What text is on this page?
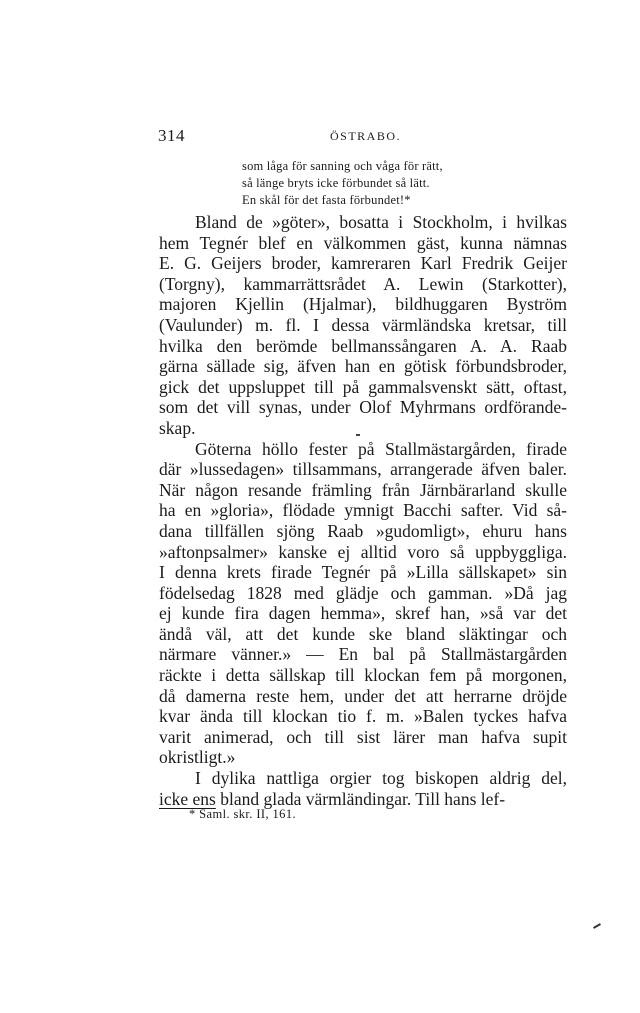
314	ÖSTRABO.
som låga för sanning och våga för rätt,
så länge bryts icke förbundet så lätt.
En skål för det fasta förbundet!*
Bland de »göter», bosatta i Stockholm, i hvilkas
hem Tegnér blef en välkommen gäst, kunna nämnas
E. G. Geijers broder, kamreraren Karl Fredrik Geijer
(Torgny), kammarrättsrådet A. Lewin (Starkotter),
majoren Kjellin (Hjalmar), bildhuggaren Byström
(Vaulunder) m. fl. I dessa värmländska kretsar, till
hvilka den berömde bellmanssångaren A. A. Raab
gärna sällade sig, äfven han en götisk förbundsbroder,
gick det uppsluppet till på gammalsvenskt sätt, oftast,
som det vill synas, under Olof Myhrmans ordförande-
skap.
Göterna höllo fester på Stallmästargården, firade
där »lussedagen» tillsammans, arrangerade äfven baler.
När någon resande främling från Järnbärarland skulle
ha en »gloria», flödade ymnigt Bacchi safter. Vid så-
dana tillfällen sjöng Raab »gudomligt», ehuru hans
»aftonpsalmer» kanske ej alltid voro så uppbyggliga.
I denna krets firade Tegnér på »Lilla sällskapet» sin
födelsedag 1828 med glädje och gamman. »Då jag
ej kunde fira dagen hemma», skref han, »så var det
ändå väl, att det kunde ske bland släktingar och
närmare vänner.» — En bal på Stallmästargården
räckte i detta sällskap till klockan fem på morgonen,
då damerna reste hem, under det att herrarne dröjde
kvar ända till klockan tio f. m. »Balen tyckes hafva
varit animerad, och till sist lärer man hafva supit
okristligt.»
I dylika nattliga orgier tog biskopen aldrig del,
icke ens bland glada värmländingar. Till hans lef-
* Saml. skr. II, 161.
